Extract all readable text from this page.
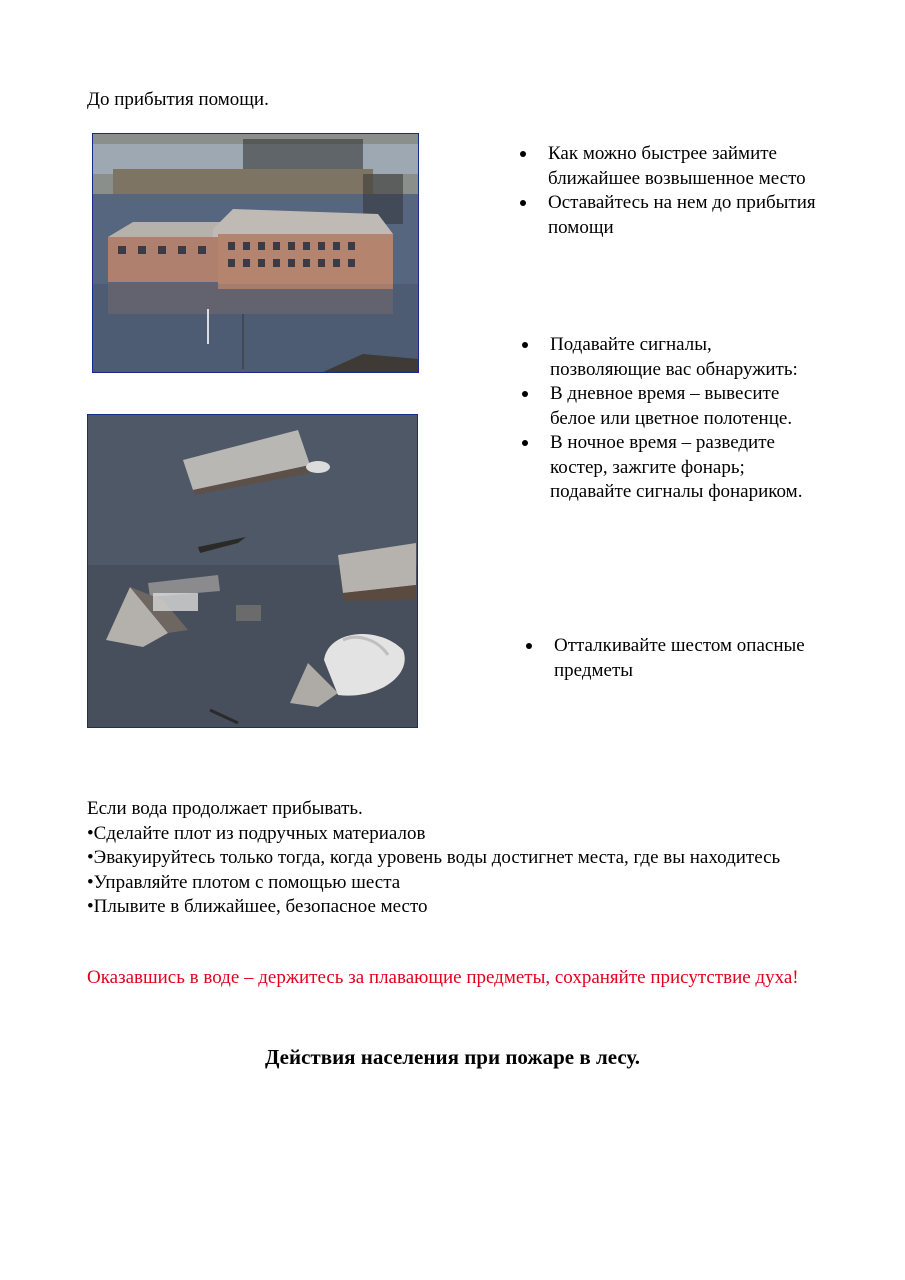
До прибытия помощи.
Как можно быстрее займите ближайшее возвышенное место
Оставайтесь на нем до прибытия помощи
Подавайте сигналы, позволяющие вас обнаружить:
В дневное время – вывесите белое или цветное полотенце.
В ночное время – разведите костер, зажгите фонарь; подавайте сигналы фонариком.
Отталкивайте шестом опасные предметы
Если вода продолжает прибывать.
•Сделайте плот из подручных материалов
•Эвакуируйтесь только тогда, когда уровень воды достигнет места, где вы находитесь
•Управляйте плотом с помощью шеста
•Плывите в ближайшее, безопасное место
Оказавшись в воде – держитесь за плавающие предметы, сохраняйте присутствие духа!
Действия населения при пожаре в лесу.
